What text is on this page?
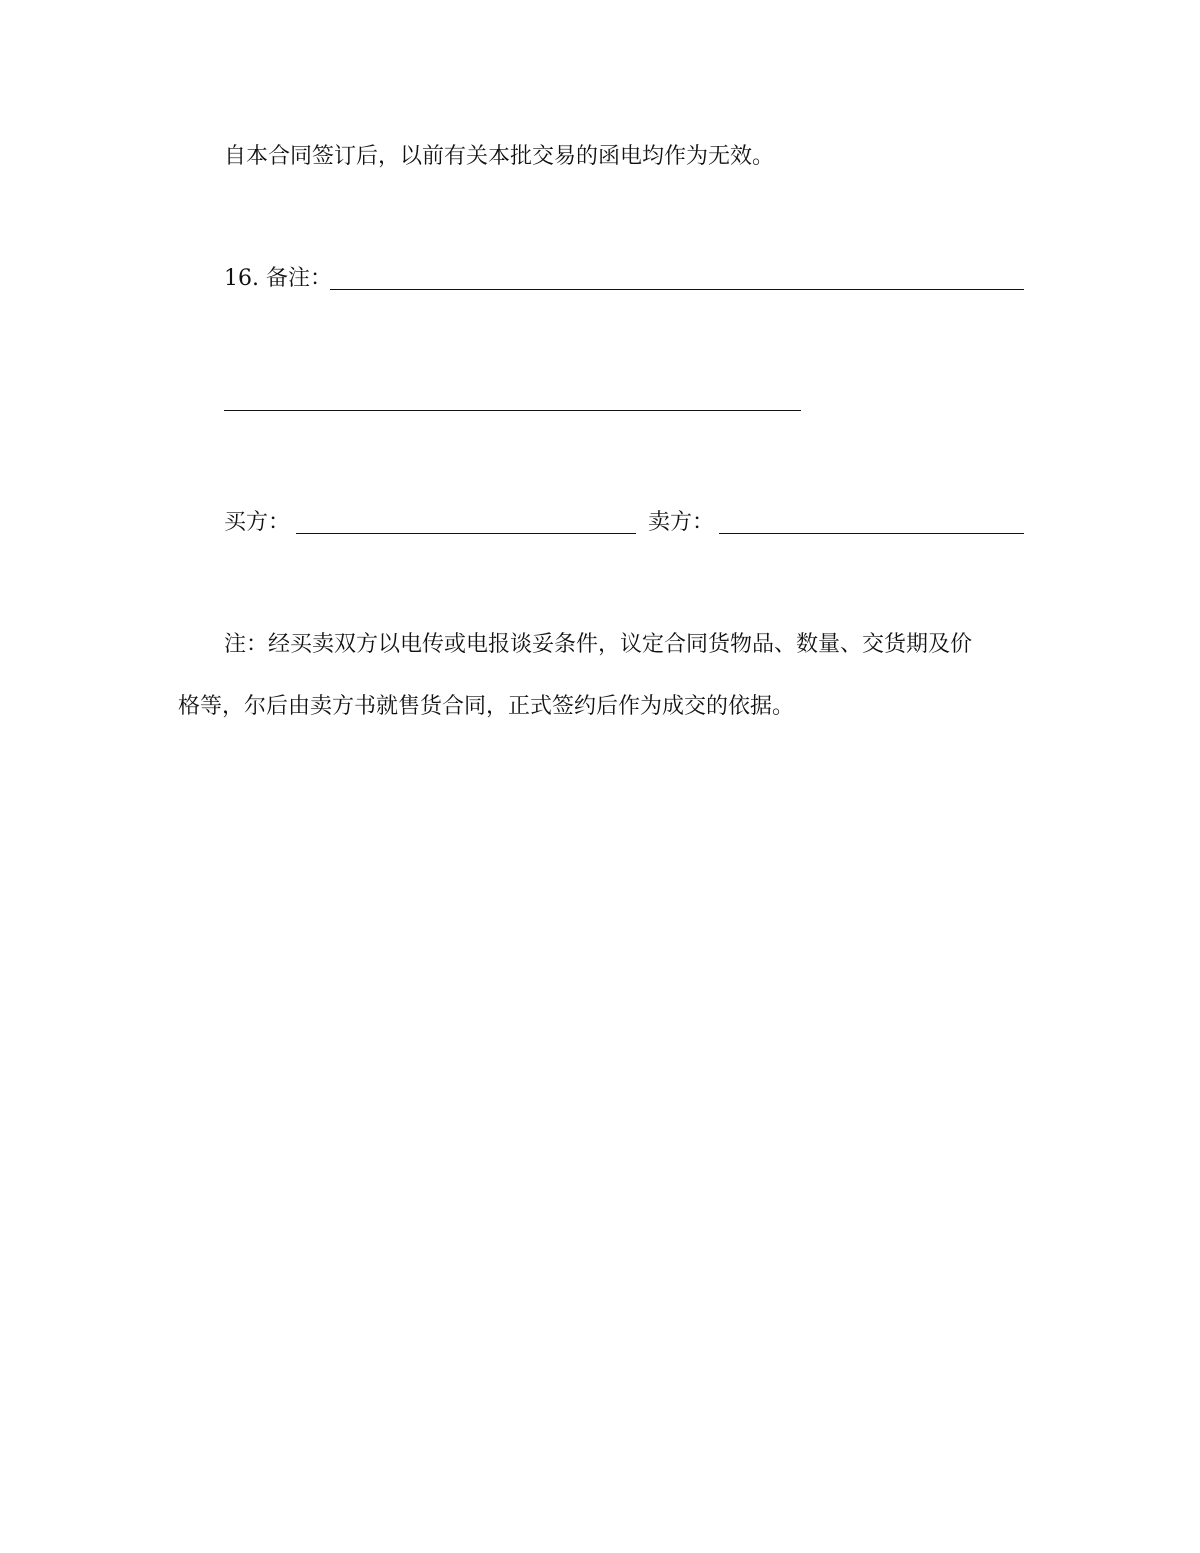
自本合同签订后，以前有关本批交易的函电均作为无效。
16. 备注：
买方：	卖方：
注：经买卖双方以电传或电报谈妥条件，议定合同货物品、数量、交货期及价
格等，尔后由卖方书就售货合同，正式签约后作为成交的依据。
